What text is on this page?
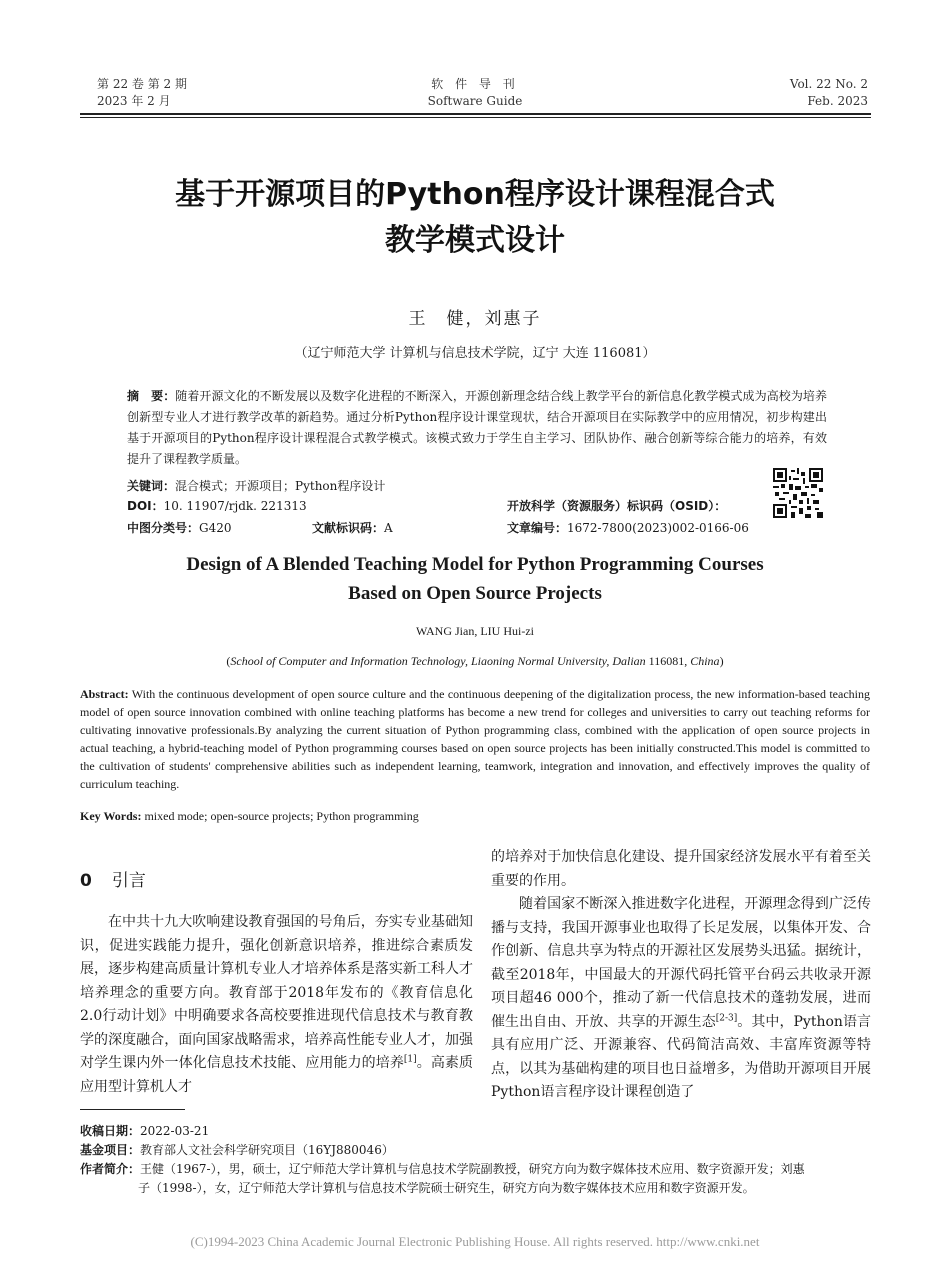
第 22 卷 第 2 期
2023 年 2 月
软 件 导 刊
Software Guide
Vol. 22 No. 2
Feb. 2023
基于开源项目的Python程序设计课程混合式
教学模式设计
王　健，刘惠子
（辽宁师范大学 计算机与信息技术学院，辽宁 大连 116081）
摘　要：随着开源文化的不断发展以及数字化进程的不断深入，开源创新理念结合线上教学平台的新信息化教学模式成为高校为培养创新型专业人才进行教学改革的新趋势。通过分析Python程序设计课堂现状，结合开源项目在实际教学中的应用情况，初步构建出基于开源项目的Python程序设计课程混合式教学模式。该模式致力于学生自主学习、团队协作、融合创新等综合能力的培养，有效提升了课程教学质量。
关键词：混合模式；开源项目；Python程序设计
DOI：10. 11907/rjdk. 221313	开放科学（资源服务）标识码（OSID）：
中图分类号：G420	文献标识码：A	文章编号：1672-7800(2023)002-0166-06
Design of A Blended Teaching Model for Python Programming Courses
Based on Open Source Projects
WANG Jian, LIU Hui-zi
(School of Computer and Information Technology, Liaoning Normal University, Dalian 116081, China)
Abstract: With the continuous development of open source culture and the continuous deepening of the digitalization process, the new information-based teaching model of open source innovation combined with online teaching platforms has become a new trend for colleges and universities to carry out teaching reforms for cultivating innovative professionals.By analyzing the current situation of Python programming class, combined with the application of open source projects in actual teaching, a hybrid-teaching model of Python programming courses based on open source projects has been initially constructed.This model is committed to the cultivation of students' comprehensive abilities such as independent learning, teamwork, integration and innovation, and effectively improves the quality of curriculum teaching.
Key Words: mixed mode; open-source projects; Python programming
0 引言

在中共十九大吹响建设教育强国的号角后，夯实专业基础知识，促进实践能力提升，强化创新意识培养，推进综合素质发展，逐步构建高质量计算机专业人才培养体系是落实新工科人才培养理念的重要方向。教育部于2018年发布的《教育信息化2.0行动计划》中明确要求各高校要推进现代信息技术与教育教学的深度融合，面向国家战略需求，培养高性能专业人才，加强对学生课内外一体化信息技术技能、应用能力的培养[1]。高素质应用型计算机人才

的培养对于加快信息化建设、提升国家经济发展水平有着至关重要的作用。

随着国家不断深入推进数字化进程，开源理念得到广泛传播与支持，我国开源事业也取得了长足发展，以集体开发、合作创新、信息共享为特点的开源社区发展势头迅猛。据统计，截至2018年，中国最大的开源代码托管平台码云共收录开源项目超46 000个，推动了新一代信息技术的蓬勃发展，进而催生出自由、开放、共享的开源生态[2-3]。其中，Python语言具有应用广泛、开源兼容、代码简洁高效、丰富库资源等特点，以其为基础构建的项目也日益增多，为借助开源项目开展Python语言程序设计课程创造了

收稿日期：2022-03-21
基金项目：教育部人文社会科学研究项目（16YJ880046）
作者简介：王健（1967-），男，硕士，辽宁师范大学计算机与信息技术学院副教授，研究方向为数字媒体技术应用、数字资源开发；刘惠
子（1998-），女，辽宁师范大学计算机与信息技术学院硕士研究生，研究方向为数字媒体技术应用和数字资源开发。
(C)1994-2023 China Academic Journal Electronic Publishing House. All rights reserved. http://www.cnki.net
